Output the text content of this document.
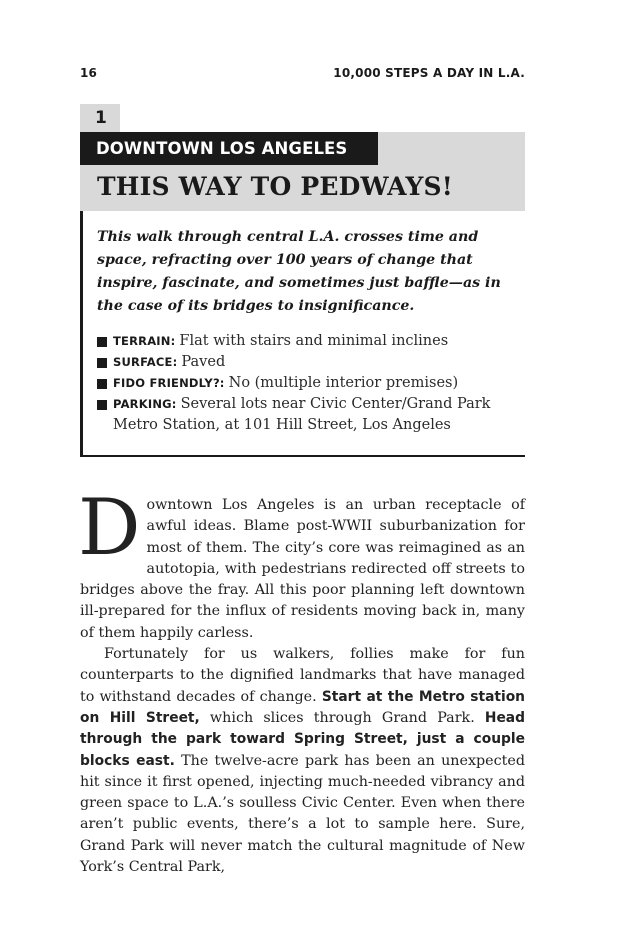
16	10,000 STEPS A DAY IN L.A.
1
DOWNTOWN LOS ANGELES
THIS WAY TO PEDWAYS!

This walk through central L.A. crosses time and space, refracting over 100 years of change that inspire, fascinate, and sometimes just baffle—as in the case of its bridges to insignificance.

TERRAIN: Flat with stairs and minimal inclines
SURFACE: Paved
FIDO FRIENDLY?: No (multiple interior premises)
PARKING: Several lots near Civic Center/Grand Park Metro Station, at 101 Hill Street, Los Angeles

Downtown Los Angeles is an urban receptacle of awful ideas. Blame post-WWII suburbanization for most of them. The city’s core was reimagined as an autotopia, with pedestrians redirected off streets to bridges above the fray. All this poor planning left downtown ill-prepared for the influx of residents moving back in, many of them happily carless.

Fortunately for us walkers, follies make for fun counterparts to the dignified landmarks that have managed to withstand decades of change. Start at the Metro station on Hill Street, which slices through Grand Park. Head through the park toward Spring Street, just a couple blocks east. The twelve-acre park has been an unexpected hit since it first opened, injecting much-needed vibrancy and green space to L.A.’s soulless Civic Center. Even when there aren’t public events, there’s a lot to sample here. Sure, Grand Park will never match the cultural magnitude of New York’s Central Park,
